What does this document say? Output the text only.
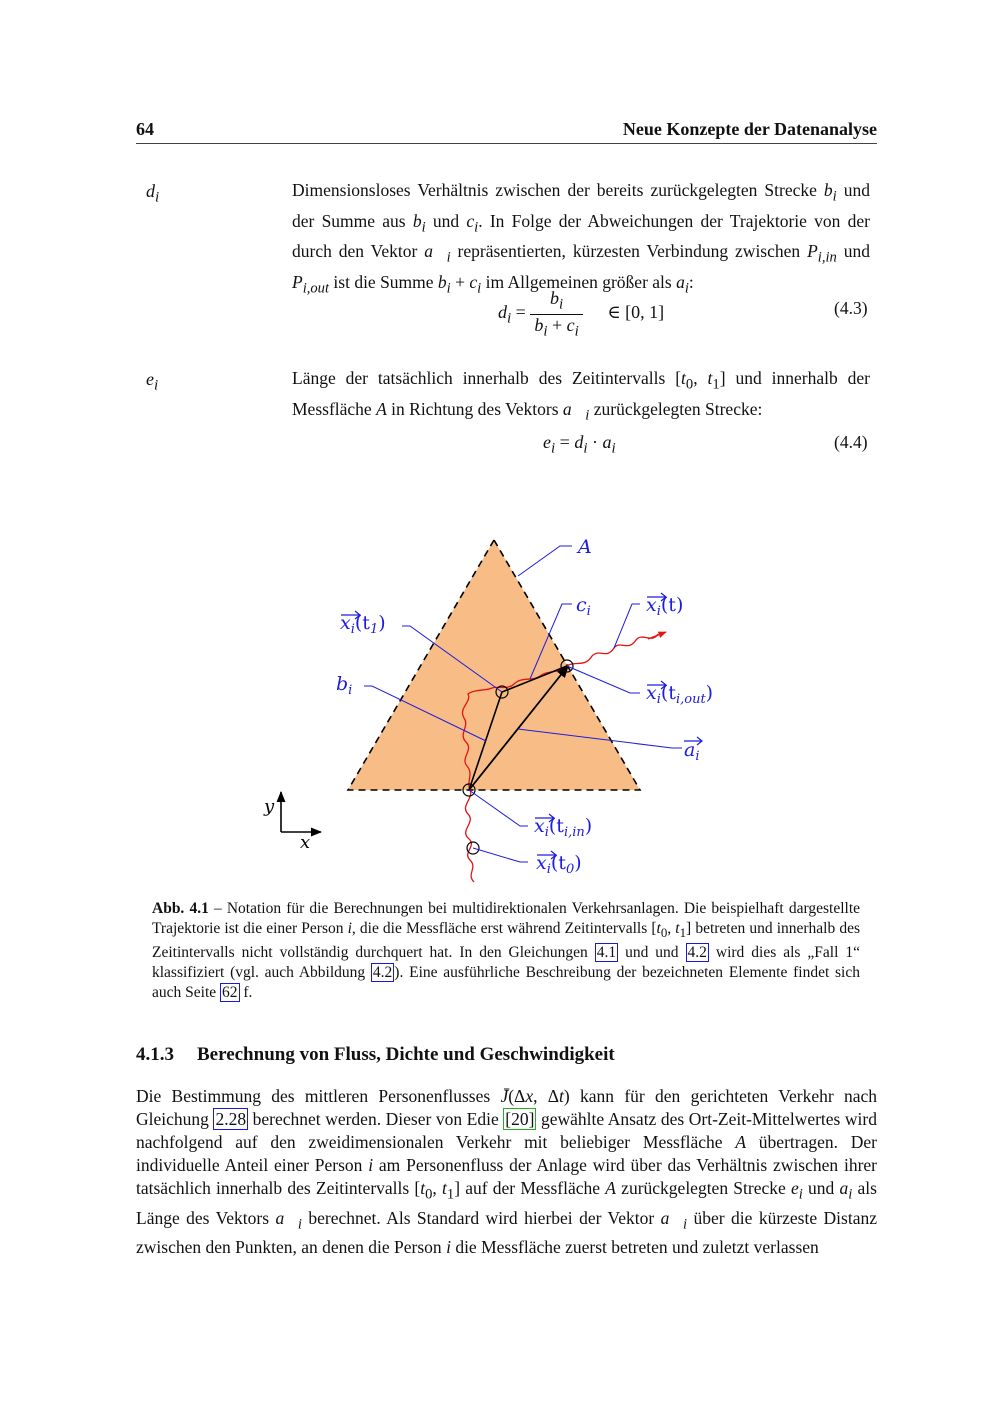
64	Neue Konzepte der Datenanalyse
$d_i$	Dimensionsloses Verhältnis zwischen der bereits zurückgelegten Strecke $b_i$ und der Summe aus $b_i$ und $c_i$. In Folge der Abweichungen der Trajektorie von der durch den Vektor $a⃗_i$ repräsentierten, kürzesten Verbindung zwischen $P_{i,in}$ und $P_{i,out}$ ist die Summe $b_i + c_i$ im Allgemeinen größer als $a_i$:

$d_i = \frac{b_i}{b_i + c_i}$ ∈ [0, 1]	(4.3)
$e_i$	Länge der tatsächlich innerhalb des Zeitintervalls [$t_0$, $t_1$] und innerhalb der Messfläche A in Richtung des Vektors $a⃗_i$ zurückgelegten Strecke:

$e_i = d_i \cdot a_i$	(4.4)
y
x
A
$c_i$	$x_i(t)$
$x_i(t_1)$
$b_i$	$x_i(t_{i,out})$
$a_i$
$x_i(t_{i,in})$
$x_i(t_0)$

Abb. 4.1 – Notation für die Berechnungen bei multidirektionalen Verkehrsanlagen. Die beispielhaft dargestellte Trajektorie ist die einer Person i, die die Messfläche erst während Zeitintervalls [$t_0$, $t_1$] betreten und innerhalb des Zeitintervalls nicht vollständig durchquert hat. In den Gleichungen 4.1 und und 4.2 wird dies als „Fall 1“ klassifiziert (vgl. auch Abbildung 4.2 ). Eine ausführliche Beschreibung der bezeichneten Elemente findet sich auch Seite 62 f.

4.1.3 Berechnung von Fluss, Dichte und Geschwindigkeit

Die Bestimmung des mittleren Personenflusses J̄(Δx, Δt) kann für den gerichteten Verkehr nach Gleichung 2.28 berechnet werden. Dieser von Edie [20] gewählte Ansatz des Ort-Zeit-Mittelwertes wird nachfolgend auf den zweidimensionalen Verkehr mit beliebiger Messfläche A übertragen. Der individuelle Anteil einer Person i am Personenfluss der Anlage wird über das Verhältnis zwischen ihrer tatsächlich innerhalb des Zeitintervalls [$t_0$, $t_1$] auf der Messfläche A zurückgelegten Strecke $e_i$ und $a_i$ als Länge des Vektors $a⃗_i$ berechnet. Als Standard wird hierbei der Vektor $a⃗_i$ über die kürzeste Distanz zwischen den Punkten, an denen die Person i die Messfläche zuerst betreten und zuletzt verlassen
